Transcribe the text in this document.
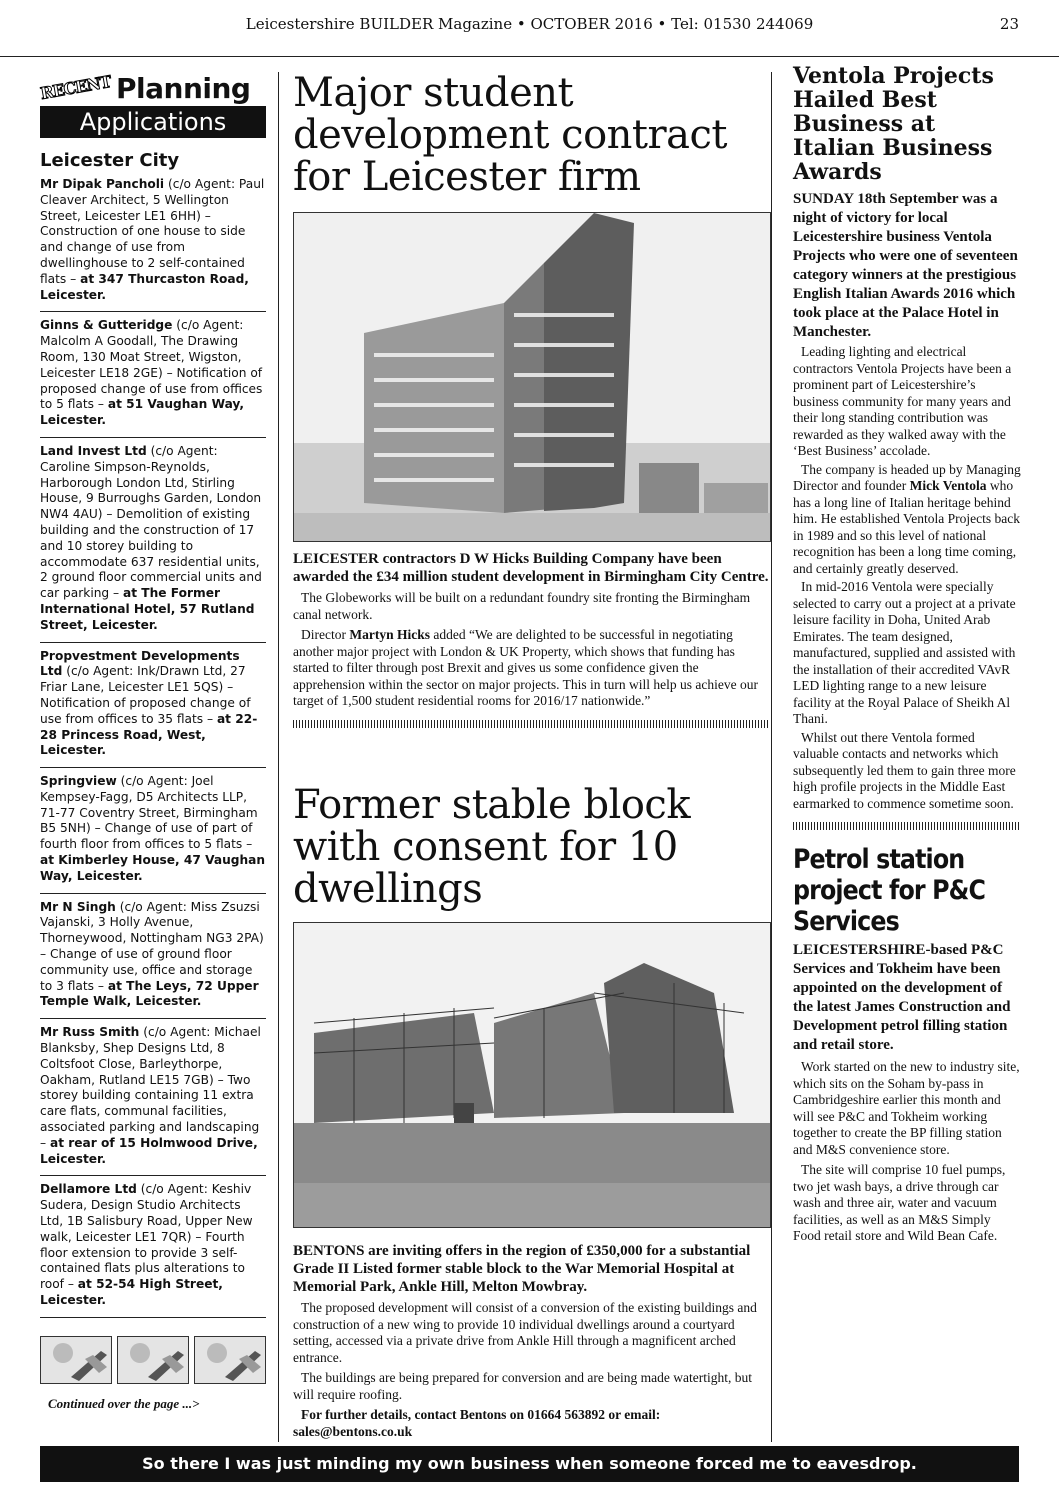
Leicestershire BUILDER Magazine • OCTOBER 2016 • Tel: 01530 244069	23
RECENT Planning
Applications
Leicester City
Mr Dipak Pancholi (c/o Agent: Paul Cleaver Architect, 5 Wellington Street, Leicester LE1 6HH) – Construction of one house to side and change of use from dwellinghouse to 2 self-contained flats – at 347 Thurcaston Road, Leicester.
Ginns & Gutteridge (c/o Agent: Malcolm A Goodall, The Drawing Room, 130 Moat Street, Wigston, Leicester LE18 2GE) – Notification of proposed change of use from offices to 5 flats – at 51 Vaughan Way, Leicester.
Land Invest Ltd (c/o Agent: Caroline Simpson-Reynolds, Harborough London Ltd, Stirling House, 9 Burroughs Garden, London NW4 4AU) – Demolition of existing building and the construction of 17 and 10 storey building to accommodate 637 residential units, 2 ground floor commercial units and car parking – at The Former International Hotel, 57 Rutland Street, Leicester.
Propvestment Developments Ltd (c/o Agent: Ink/Drawn Ltd, 27 Friar Lane, Leicester LE1 5QS) – Notification of proposed change of use from offices to 35 flats – at 22-28 Princess Road, West, Leicester.
Springview (c/o Agent: Joel Kempsey-Fagg, D5 Architects LLP, 71-77 Coventry Street, Birmingham B5 5NH) – Change of use of part of fourth floor from offices to 5 flats – at Kimberley House, 47 Vaughan Way, Leicester.
Mr N Singh (c/o Agent: Miss Zsuzsi Vajanski, 3 Holly Avenue, Thorneywood, Nottingham NG3 2PA) – Change of use of ground floor community use, office and storage to 3 flats – at The Leys, 72 Upper Temple Walk, Leicester.
Mr Russ Smith (c/o Agent: Michael Blanksby, Shep Designs Ltd, 8 Coltsfoot Close, Barleythorpe, Oakham, Rutland LE15 7GB) – Two storey building containing 11 extra care flats, communal facilities, associated parking and landscaping – at rear of 15 Holmwood Drive, Leicester.
Dellamore Ltd (c/o Agent: Keshiv Sudera, Design Studio Architects Ltd, 1B Salisbury Road, Upper New walk, Leicester LE1 7QR) – Fourth floor extension to provide 3 self-contained flats plus alterations to roof – at 52-54 High Street, Leicester.
Continued over the page ...>
Major student development contract for Leicester firm

LEICESTER contractors D W Hicks Building Company have been awarded the £34 million student development in Birmingham City Centre.

The Globeworks will be built on a redundant foundry site fronting the Birmingham canal network.

Director Martyn Hicks added “We are delighted to be successful in negotiating another major project with London & UK Property, which shows that funding has started to filter through post Brexit and gives us some confidence given the apprehension within the sector on major projects. This in turn will help us achieve our target of 1,500 student residential rooms for 2016/17 nationwide.”

Former stable block with consent for 10 dwellings

BENTONS are inviting offers in the region of £350,000 for a substantial Grade II Listed former stable block to the War Memorial Hospital at Memorial Park, Ankle Hill, Melton Mowbray.

The proposed development will consist of a conversion of the existing buildings and construction of a new wing to provide 10 individual dwellings around a courtyard setting, accessed via a private drive from Ankle Hill through a magnificent arched entrance.

The buildings are being prepared for conversion and are being made watertight, but will require roofing.

For further details, contact Bentons on 01664 563892 or email: sales@bentons.co.uk

Ventola Projects Hailed Best Business at Italian Business Awards

SUNDAY 18th September was a night of victory for local Leicestershire business Ventola Projects who were one of seventeen category winners at the prestigious English Italian Awards 2016 which took place at the Palace Hotel in Manchester.

Leading lighting and electrical contractors Ventola Projects have been a prominent part of Leicestershire’s business community for many years and their long standing contribution was rewarded as they walked away with the ‘Best Business’ accolade.

The company is headed up by Managing Director and founder Mick Ventola who has a long line of Italian heritage behind him. He established Ventola Projects back in 1989 and so this level of national recognition has been a long time coming, and certainly greatly deserved.

In mid-2016 Ventola were specially selected to carry out a project at a private leisure facility in Doha, United Arab Emirates. The team designed, manufactured, supplied and assisted with the installation of their accredited VAvR LED lighting range to a new leisure facility at the Royal Palace of Sheikh Al Thani.

Whilst out there Ventola formed valuable contacts and networks which subsequently led them to gain three more high profile projects in the Middle East earmarked to commence sometime soon.

Petrol station project for P&C Services

LEICESTERSHIRE-based P&C Services and Tokheim have been appointed on the development of the latest James Construction and Development petrol filling station and retail store.

Work started on the new to industry site, which sits on the Soham by-pass in Cambridgeshire earlier this month and will see P&C and Tokheim working together to create the BP filling station and M&S convenience store.

The site will comprise 10 fuel pumps, two jet wash bays, a drive through car wash and three air, water and vacuum facilities, as well as an M&S Simply Food retail store and Wild Bean Cafe.

So there I was just minding my own business when someone forced me to eavesdrop.
